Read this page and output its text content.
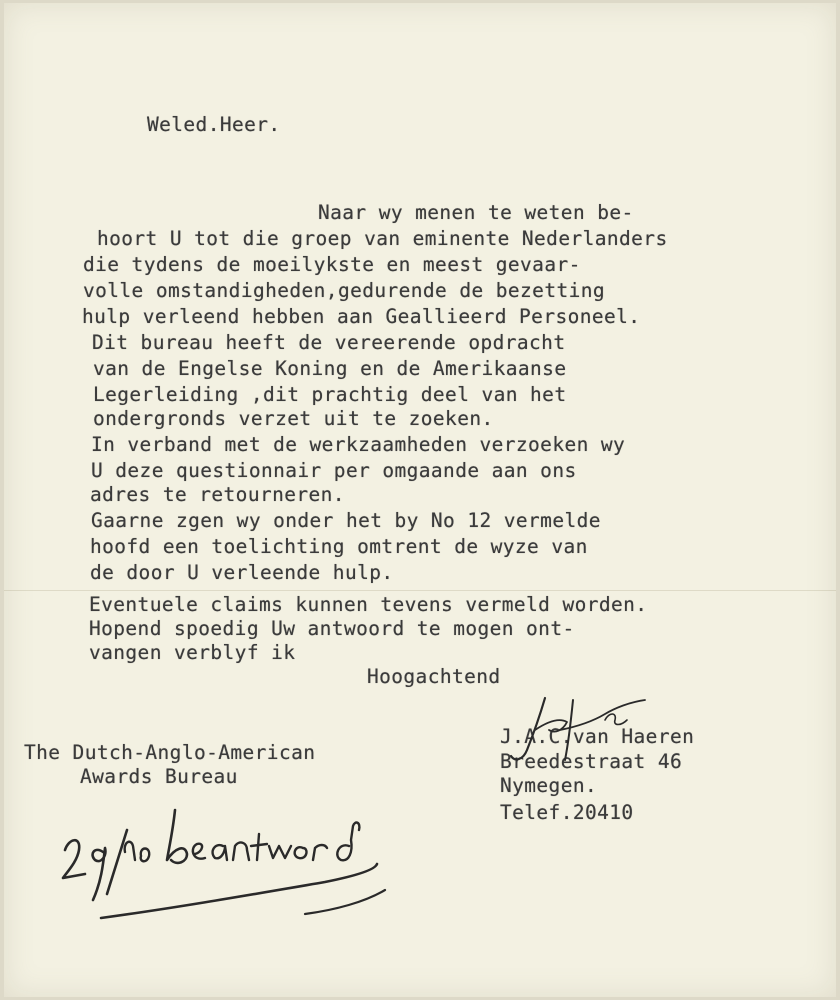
Weled.Heer.
Naar wy menen te weten be-
hoort U tot die groep van eminente Nederlanders
die tydens de moeilykste en meest gevaar-
volle omstandigheden,gedurende de bezetting
hulp verleend hebben aan Geallieerd Personeel.
Dit bureau heeft de vereerende opdracht
van de Engelse Koning en de Amerikaanse
Legerleiding ,dit prachtig deel van het
ondergronds verzet uit te zoeken.
In verband met de werkzaamheden verzoeken wy
U deze questionnair per omgaande aan ons
adres te retourneren.
Gaarne zgen wy onder het by No 12 vermelde
hoofd een toelichting omtrent de wyze van
de door U verleende hulp.
Eventuele claims kunnen tevens vermeld worden.
Hopend spoedig Uw antwoord te mogen ont-
vangen verblyf ik
Hoogachtend
The Dutch-Anglo-American
Awards Bureau
J.A.C.van Haeren
Breedestraat 46
Nymegen.
Telef.20410
